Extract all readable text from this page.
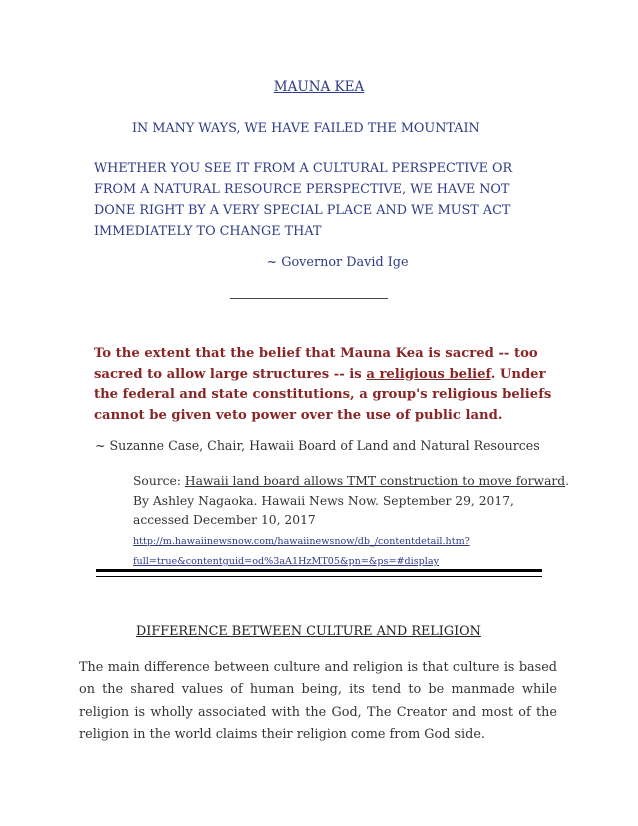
MAUNA KEA
IN MANY WAYS, WE HAVE FAILED THE MOUNTAIN
WHETHER YOU SEE IT FROM A CULTURAL PERSPECTIVE OR FROM A NATURAL RESOURCE PERSPECTIVE, WE HAVE NOT DONE RIGHT BY A VERY SPECIAL PLACE AND WE MUST ACT IMMEDIATELY TO CHANGE THAT
~ Governor David Ige
To the extent that the belief that Mauna Kea is sacred -- too sacred to allow large structures -- is a religious belief. Under the federal and state constitutions, a group's religious beliefs cannot be given veto power over the use of public land.
~ Suzanne Case, Chair, Hawaii Board of Land and Natural Resources
Source: Hawaii land board allows TMT construction to move forward. By Ashley Nagaoka. Hawaii News Now. September 29, 2017, accessed December 10, 2017 http://m.hawaiinewsnow.com/hawaiinewsnow/db_/contentdetail.htm?full=true&contentguid=od%3aA1HzMT05&pn=&ps=#display
DIFFERENCE BETWEEN CULTURE AND RELIGION
The main difference between culture and religion is that culture is based on the shared values of human being, its tend to be manmade while religion is wholly associated with the God, The Creator and most of the religion in the world claims their religion come from God side.
